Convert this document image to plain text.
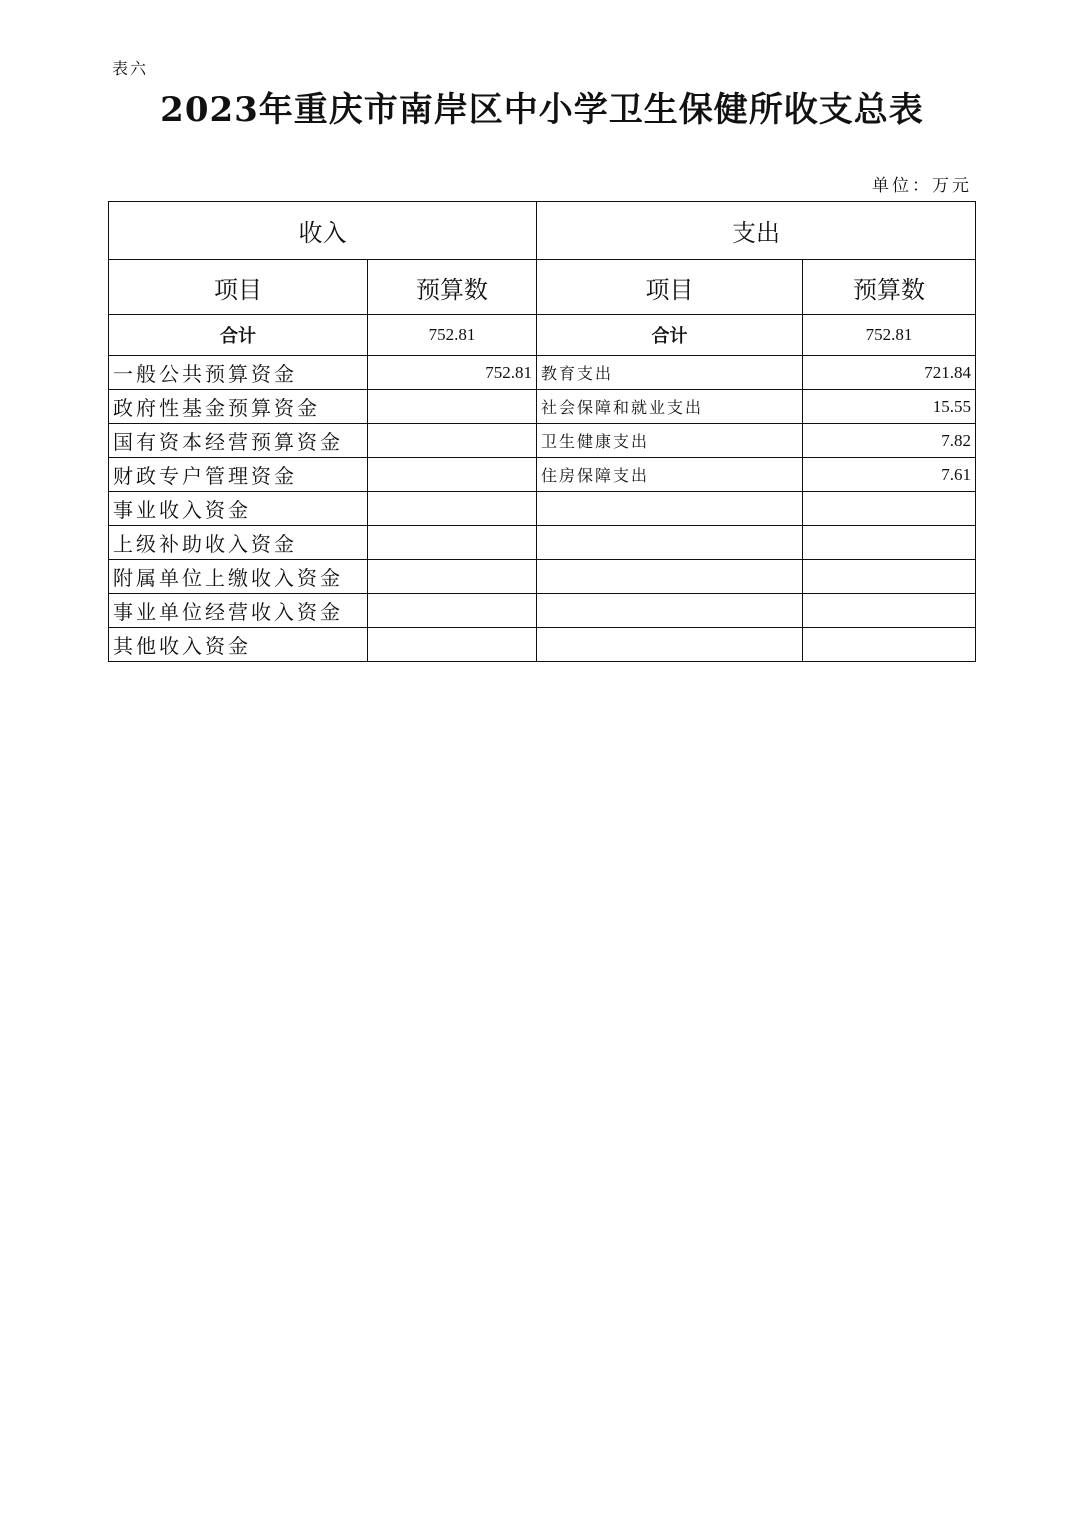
表六
2023年重庆市南岸区中小学卫生保健所收支总表
单位：万元
收入		支出	
项目	预算数	项目	预算数
合计	752.81	合计	752.81
一般公共预算资金	752.81	教育支出	721.84
政府性基金预算资金		社会保障和就业支出	15.55
国有资本经营预算资金		卫生健康支出	7.82
财政专户管理资金		住房保障支出	7.61
事业收入资金			
上级补助收入资金			
附属单位上缴收入资金			
事业单位经营收入资金			
其他收入资金			
